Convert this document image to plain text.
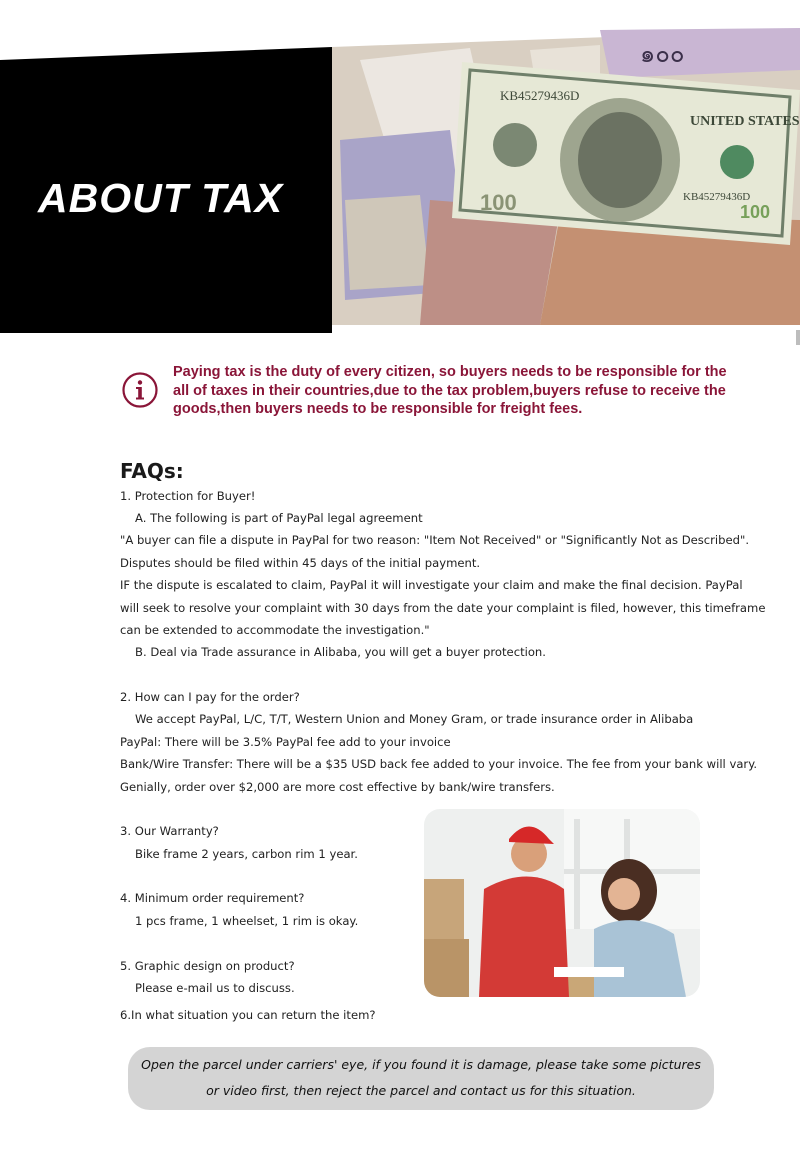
KB45279436D
KB45279436D
UNITED STATES
100
100
๑๐๐
ABOUT TAX
Paying tax is the duty of every citizen, so buyers needs to be responsible for the
all of taxes in their countries,due to the tax problem,buyers refuse to receive the
goods,then buyers needs to be responsible for freight fees.
FAQs:
1. Protection for Buyer!
A. The following is part of PayPal legal agreement
"A buyer can file a dispute in PayPal for two reason: "Item Not Received" or "Significantly Not as Described".
Disputes should be filed within 45 days of the initial payment.
IF the dispute is escalated to claim, PayPal it will investigate your claim and make the final decision. PayPal
will seek to resolve your complaint with 30 days from the date your complaint is filed, however, this timeframe
can be extended to accommodate the investigation."
B. Deal via Trade assurance in Alibaba, you will get a buyer protection.
2. How can I pay for the order?
We accept PayPal, L/C, T/T, Western Union and Money Gram, or trade insurance order in Alibaba
PayPal: There will be 3.5% PayPal fee add to your invoice
Bank/Wire Transfer: There will be a $35 USD back fee added to your invoice. The fee from your bank will vary.
Genially, order over $2,000 are more cost effective by bank/wire transfers.
3. Our Warranty?
Bike frame 2 years, carbon rim 1 year.
4. Minimum order requirement?
1 pcs frame, 1 wheelset, 1 rim is okay.
5. Graphic design on product?
Please e-mail us to discuss.
6.In what situation you can return the item?
Open the parcel under carriers' eye, if you found it is damage, please take some pictures
or video first, then reject the parcel and contact us for this situation.
